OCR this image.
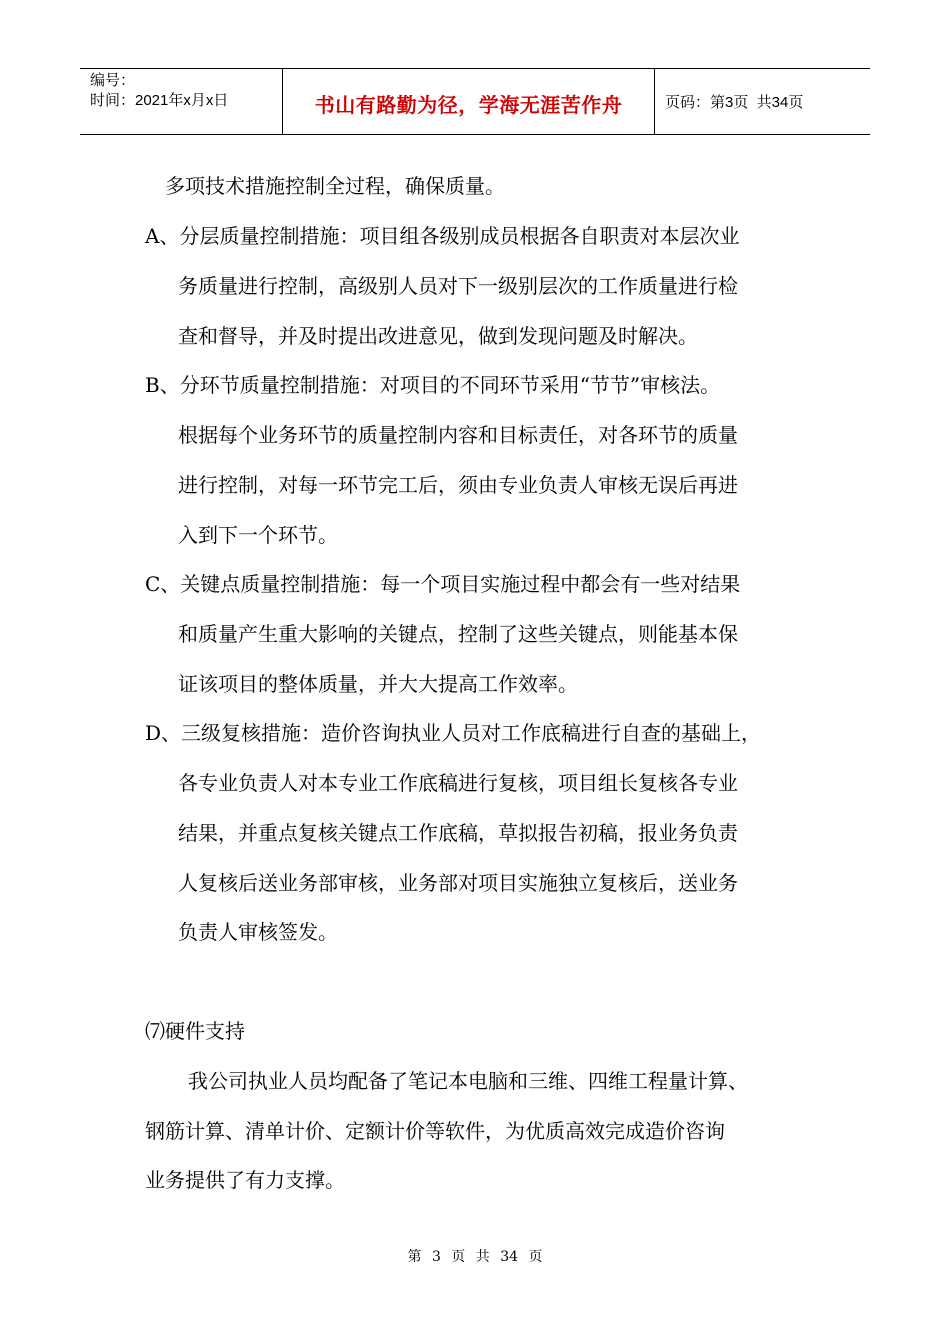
编号：
时间：2021年x月x日	书山有路勤为径，学海无涯苦作舟	页码：第3页  共34页
多项技术措施控制全过程，确保质量。
A、分层质量控制措施：项目组各级别成员根据各自职责对本层次业
务质量进行控制，高级别人员对下一级别层次的工作质量进行检
查和督导，并及时提出改进意见，做到发现问题及时解决。
B、分环节质量控制措施：对项目的不同环节采用“节节”审核法。
根据每个业务环节的质量控制内容和目标责任，对各环节的质量
进行控制，对每一环节完工后，须由专业负责人审核无误后再进
入到下一个环节。
C、关键点质量控制措施：每一个项目实施过程中都会有一些对结果
和质量产生重大影响的关键点，控制了这些关键点，则能基本保
证该项目的整体质量，并大大提高工作效率。
D、三级复核措施：造价咨询执业人员对工作底稿进行自查的基础上，
各专业负责人对本专业工作底稿进行复核，项目组长复核各专业
结果，并重点复核关键点工作底稿，草拟报告初稿，报业务负责
人复核后送业务部审核，业务部对项目实施独立复核后，送业务
负责人审核签发。
⑺硬件支持
我公司执业人员均配备了笔记本电脑和三维、四维工程量计算、
钢筋计算、清单计价、定额计价等软件，为优质高效完成造价咨询
业务提供了有力支撑。
第 3 页 共 34 页
